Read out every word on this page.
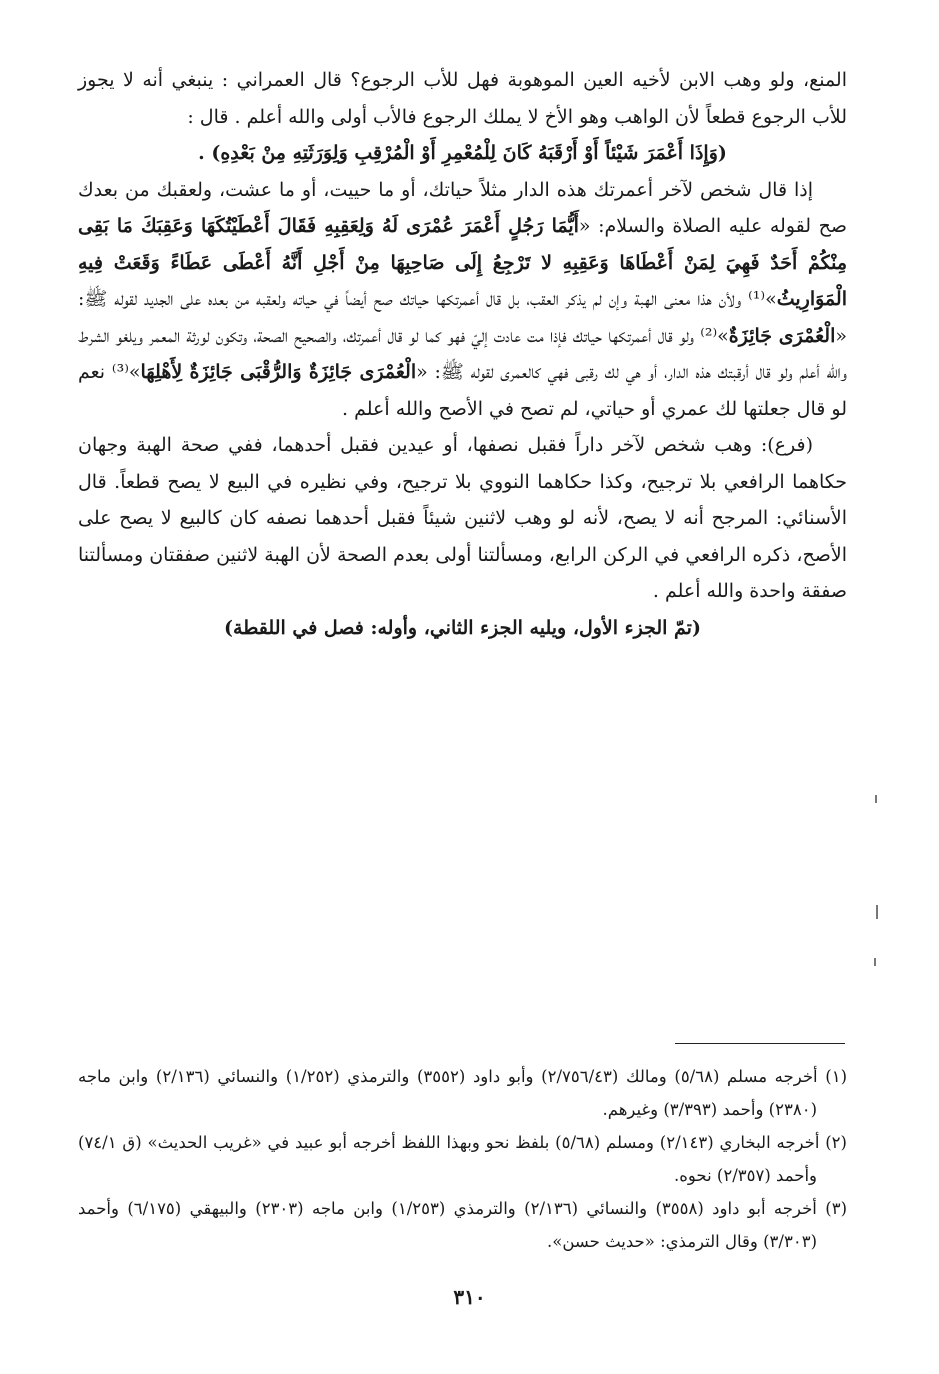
المنع، ولو وهب الابن لأخيه العين الموهوبة فهل للأب الرجوع؟ قال العمراني : ينبغي أنه لا يجوز للأب الرجوع قطعاً لأن الواهب وهو الأخ لا يملك الرجوع فالأب أولى والله أعلم . قال :

(وَإِذَا أَعْمَرَ شَيْئاً أَوْ أَرْقَبَهُ كَانَ لِلْمُعْمِرِ أَوْ الْمُرْقِبِ وَلِوَرَثَتِهِ مِنْ بَعْدِهِ) .

إذا قال شخص لآخر أعمرتك هذه الدار مثلاً حياتك، أو ما حييت، أو ما عشت، ولعقبك من بعدك صح لقوله عليه الصلاة والسلام: «أَيُّمَا رَجُلٍ أَعْمَرَ عُمْرَى لَهُ وَلِعَقِبِهِ فَقَالَ أَعْطَيْتُكَهَا وَعَقِبَكَ مَا بَقِى مِنْكُمْ أَحَدٌ فَهِيَ لِمَنْ أَعْطَاهَا وَعَقِبِهِ لا تَرْجِعُ إِلَى صَاحِبِهَا مِنْ أَجْلِ أَنَّهُ أَعْطَى عَطَاءً وَقَعَتْ فِيهِ الْمَوَارِيثُ»⁽¹⁾ ولأن هذا معنى الهبة وإن لم يذكر العقب، بل قال أعمرتكها حياتك صح أيضاً في حياته ولعقبه من بعده على الجديد لقوله ﷺ: «الْعُمْرَى جَائِزَةٌ»⁽²⁾ ولو قال أعمرتكها حياتك فإذا مت عادت إليّ فهو كما لو قال أعمرتك، والصحيح الصحة، وتكون لورثة المعمر ويلغو الشرط والله أعلم ولو قال أرقبتك هذه الدار، أو هي لك رقبى فهي كالعمرى لقوله ﷺ: «الْعُمْرَى جَائِزَةٌ وَالرُّقْبَى جَائِزَةٌ لِأَهْلِهَا»⁽³⁾ نعم لو قال جعلتها لك عمري أو حياتي، لم تصح في الأصح والله أعلم .

(فرع): وهب شخص لآخر داراً فقبل نصفها، أو عيدين فقبل أحدهما، ففي صحة الهبة وجهان حكاهما الرافعي بلا ترجيح، وكذا حكاهما النووي بلا ترجيح، وفي نظيره في البيع لا يصح قطعاً. قال الأسنائي: المرجح أنه لا يصح، لأنه لو وهب لاثنين شيئاً فقبل أحدهما نصفه كان كالبيع لا يصح على الأصح، ذكره الرافعي في الركن الرابع، ومسألتنا أولى بعدم الصحة لأن الهبة لاثنين صفقتان ومسألتنا صفقة واحدة والله أعلم .

(تمّ الجزء الأول، ويليه الجزء الثاني، وأوله: فصل في اللقطة)

(١) أخرجه مسلم (٥/٦٨) ومالك (٢/٧٥٦/٤٣) وأبو داود (٣٥٥٢) والترمذي (١/٢٥٢) والنسائي (٢/١٣٦) وابن ماجه (٢٣٨٠) وأحمد (٣/٣٩٣) وغيرهم.

(٢) أخرجه البخاري (٢/١٤٣) ومسلم (٥/٦٨) بلفظ نحو وبهذا اللفظ أخرجه أبو عبيد في «غريب الحديث» (ق ٧٤/١) وأحمد (٢/٣٥٧) نحوه.

(٣) أخرجه أبو داود (٣٥٥٨) والنسائي (٢/١٣٦) والترمذي (١/٢٥٣) وابن ماجه (٢٣٠٣) والبيهقي (٦/١٧٥) وأحمد (٣/٣٠٣) وقال الترمذي: «حديث حسن».

٣١٠
